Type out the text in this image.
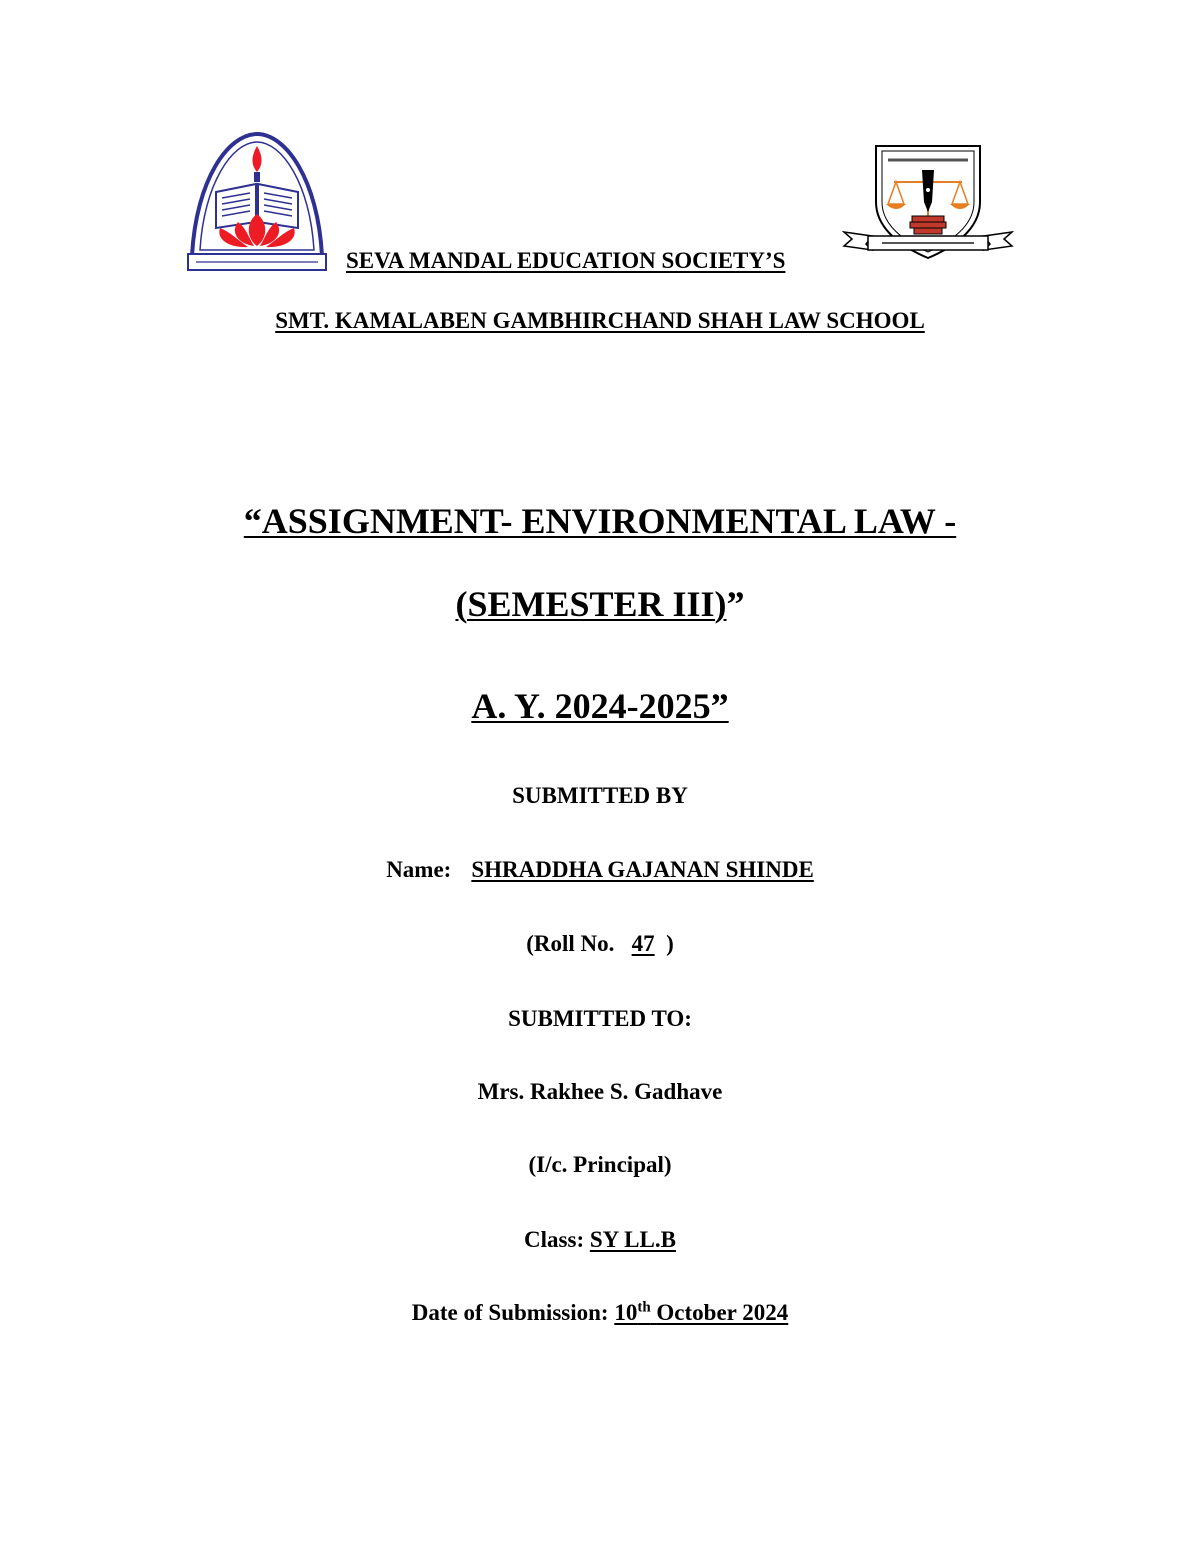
SEVA MANDAL EDUCATION SOCIETY’S
SMT. KAMALABEN GAMBHIRCHAND SHAH LAW SCHOOL
“ASSIGNMENT- ENVIRONMENTAL LAW -
(SEMESTER III)”
A. Y. 2024-2025”
SUBMITTED BY
Name: SHRADDHA GAJANAN SHINDE
(Roll No. 47 )
SUBMITTED TO:
Mrs. Rakhee S. Gadhave
(I/c. Principal)
Class: SY LL.B
Date of Submission: 10th October 2024
